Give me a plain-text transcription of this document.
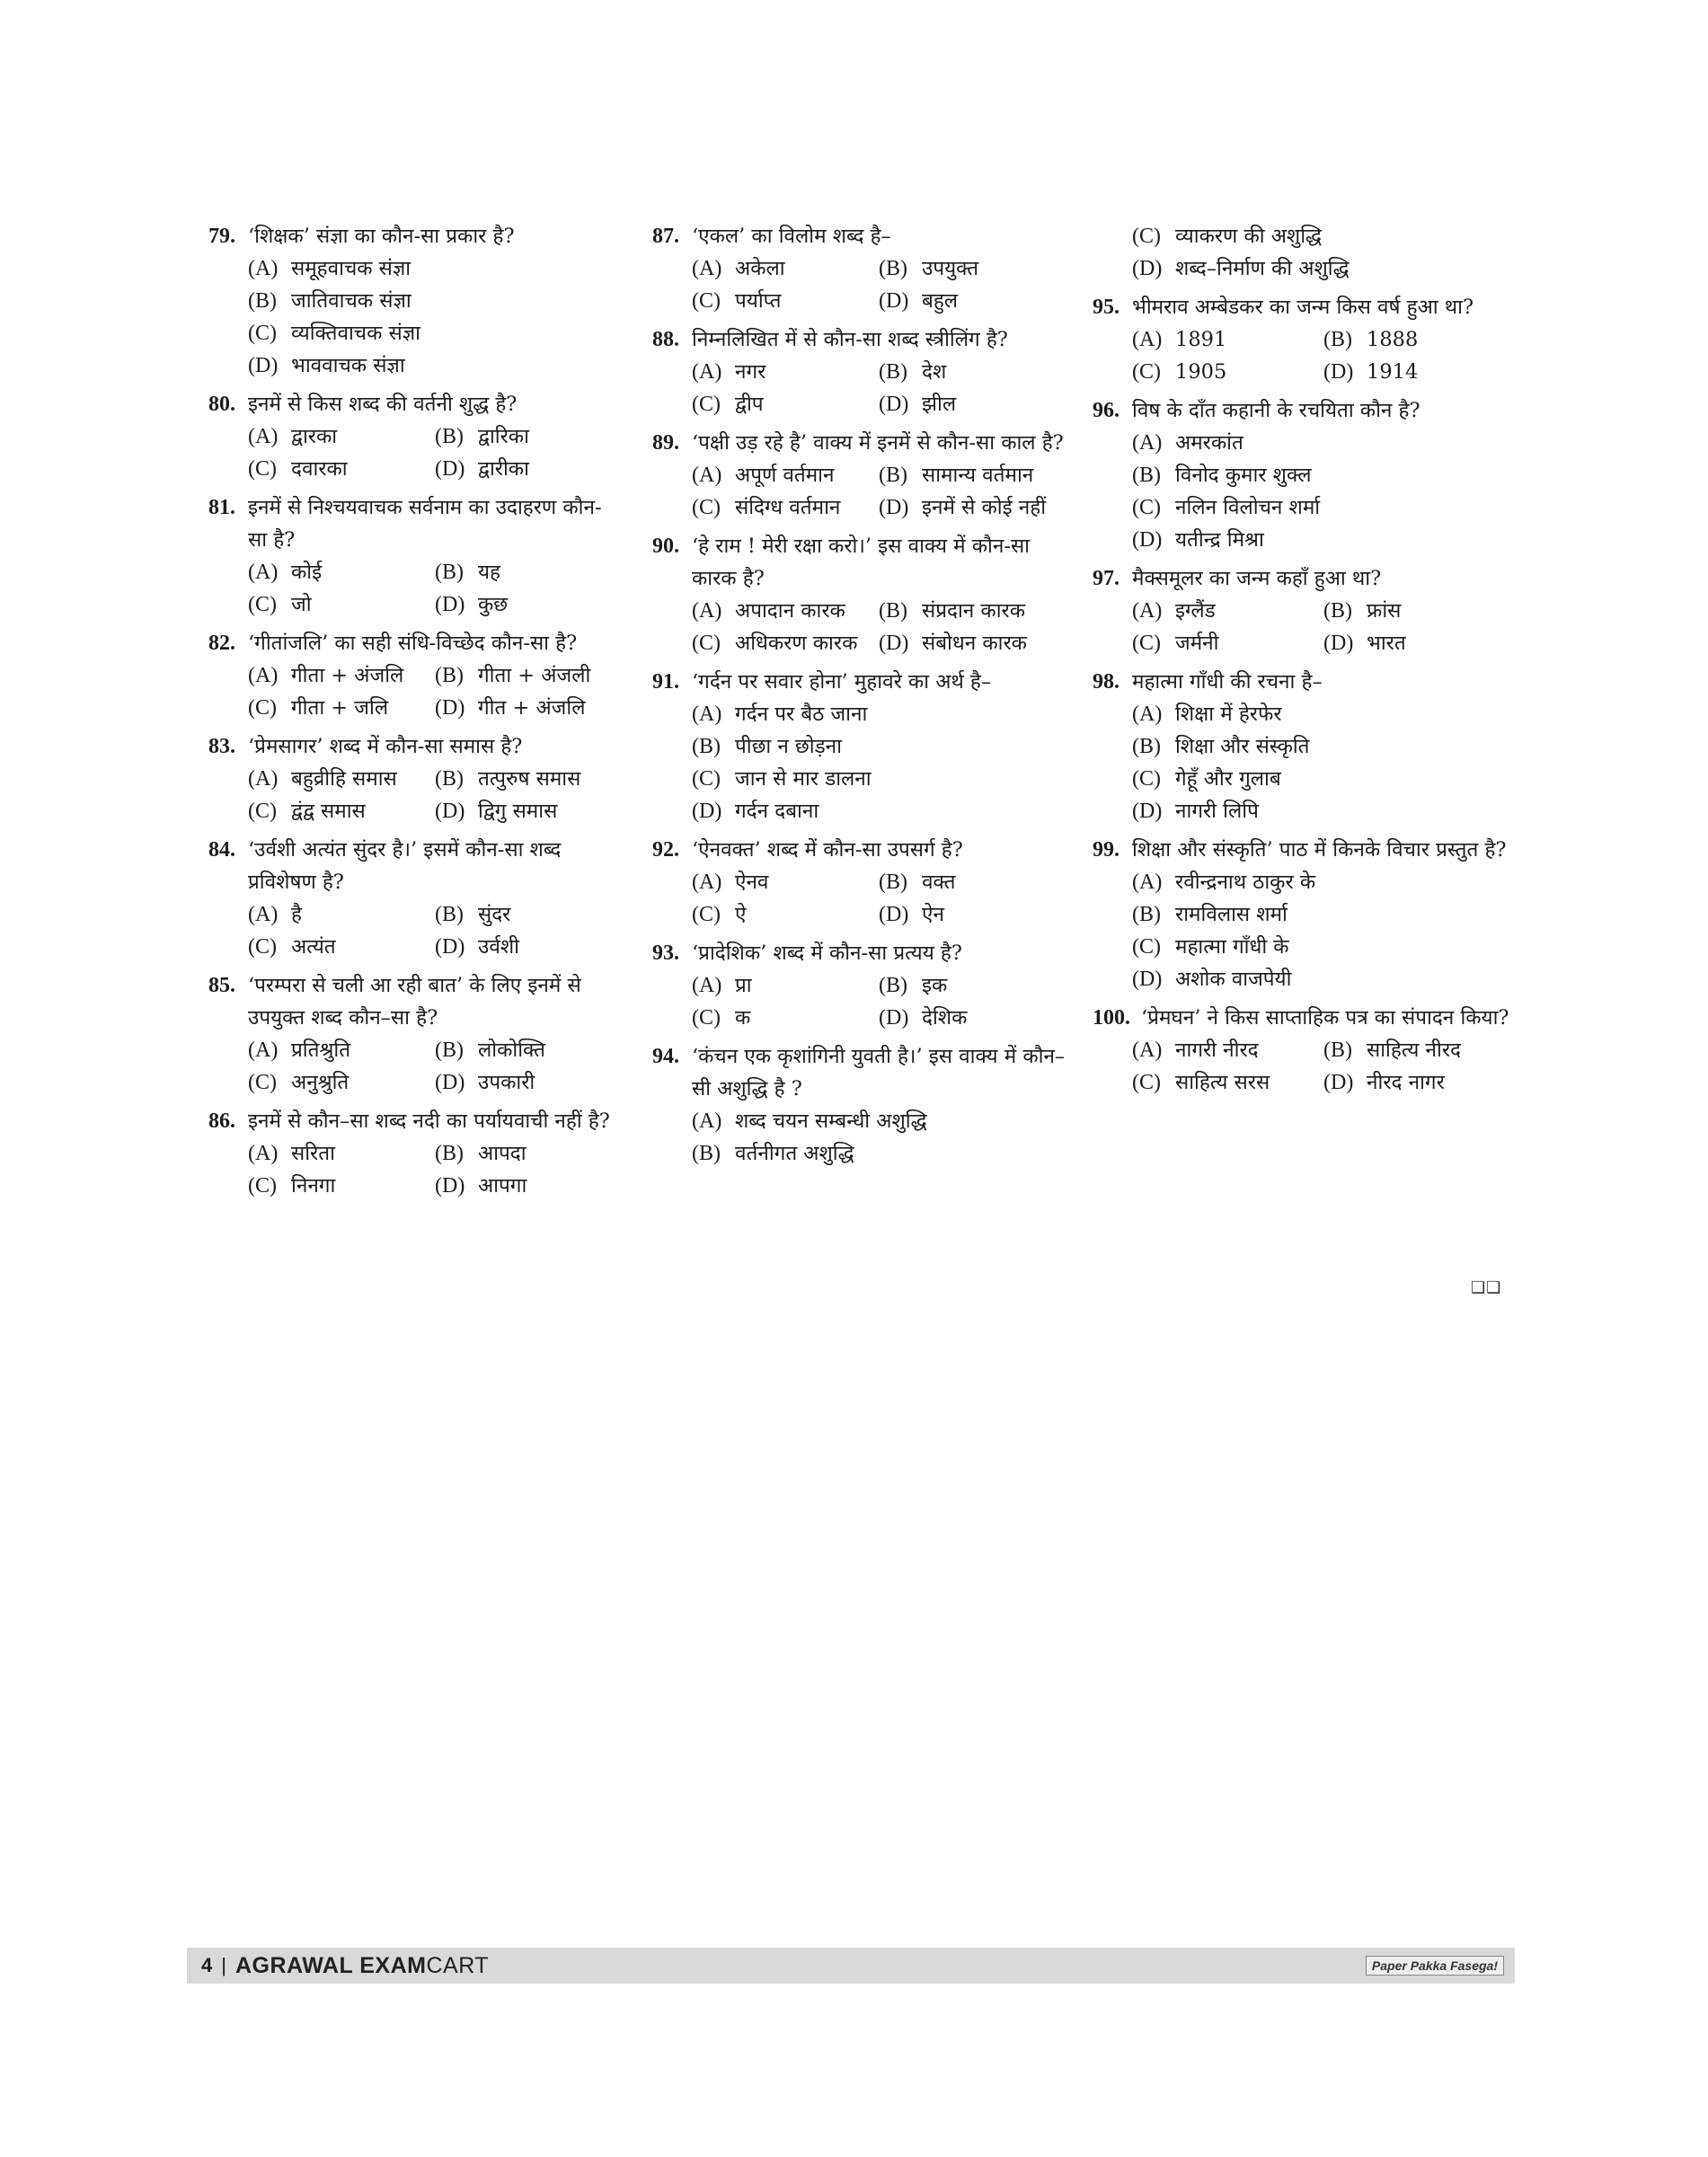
79. ‘शिक्षक’ संज्ञा का कौन-सा प्रकार है?
(A) समूहवाचक संज्ञा
(B) जातिवाचक संज्ञा
(C) व्यक्तिवाचक संज्ञा
(D) भाववाचक संज्ञा
80. इनमें से किस शब्द की वर्तनी शुद्ध है?
(A) द्वारका	(B) द्वारिका
(C) दवारका	(D) द्वारीका
81. इनमें से निश्चयवाचक सर्वनाम का उदाहरण कौन- सा है?
(A) कोई	(B) यह
(C) जो	(D) कुछ
82. ‘गीतांजलि’ का सही संधि-विच्छेद कौन-सा है?
(A) गीता + अंजलि	(B) गीता + अंजली
(C) गीता + जलि	(D) गीत + अंजलि
83. ‘प्रेमसागर’ शब्द में कौन-सा समास है?
(A) बहुव्रीहि समास	(B) तत्पुरुष समास
(C) द्वंद्व समास	(D) द्विगु समास
84. ‘उर्वशी अत्यंत सुंदर है।’ इसमें कौन-सा शब्द प्रविशेषण है?
(A) है	(B) सुंदर
(C) अत्यंत	(D) उर्वशी
85. ‘परम्परा से चली आ रही बात’ के लिए इनमें से उपयुक्त शब्द कौन–सा है?
(A) प्रतिश्रुति	(B) लोकोक्ति
(C) अनुश्रुति	(D) उपकारी
86. इनमें से कौन–सा शब्द नदी का पर्यायवाची नहीं है?
(A) सरिता	(B) आपदा
(C) निनगा	(D) आपगा
87. ‘एकल’ का विलोम शब्द है–
(A) अकेला	(B) उपयुक्त
(C) पर्याप्त	(D) बहुल
88. निम्नलिखित में से कौन-सा शब्द स्त्रीलिंग है?
(A) नगर	(B) देश
(C) द्वीप	(D) झील
89. ‘पक्षी उड़ रहे है’ वाक्य में इनमें से कौन-सा काल है?
(A) अपूर्ण वर्तमान	(B) सामान्य वर्तमान
(C) संदिग्ध वर्तमान	(D) इनमें से कोई नहीं
90. ‘हे राम ! मेरी रक्षा करो।’ इस वाक्य में कौन-सा कारक है?
(A) अपादान कारक	(B) संप्रदान कारक
(C) अधिकरण कारक (D) संबोधन कारक
91. ‘गर्दन पर सवार होना’ मुहावरे का अर्थ है–
(A) गर्दन पर बैठ जाना
(B) पीछा न छोड़ना
(C) जान से मार डालना
(D) गर्दन दबाना
92. ‘ऐनवक्त’ शब्द में कौन-सा उपसर्ग है?
(A) ऐनव	(B) वक्त
(C) ऐ	(D) ऐन
93. ‘प्रादेशिक’ शब्द में कौन-सा प्रत्यय है?
(A) प्रा	(B) इक
(C) क	(D) देशिक
94. ‘कंचन एक कृशांगिनी युवती है।’ इस वाक्य में कौन–सी अशुद्धि है ?
(A) शब्द चयन सम्बन्धी अशुद्धि
(B) वर्तनीगत अशुद्धि
(C) व्याकरण की अशुद्धि
(D) शब्द–निर्माण की अशुद्धि
95. भीमराव अम्बेडकर का जन्म किस वर्ष हुआ था?
(A) 1891	(B) 1888
(C) 1905	(D) 1914
96. विष के दाँत कहानी के रचयिता कौन है?
(A) अमरकांत
(B) विनोद कुमार शुक्ल
(C) नलिन विलोचन शर्मा
(D) यतीन्द्र मिश्रा
97. मैक्समूलर का जन्म कहाँ हुआ था?
(A) इग्लैंड	(B) फ्रांस
(C) जर्मनी	(D) भारत
98. महात्मा गाँधी की रचना है–
(A) शिक्षा में हेरफेर
(B) शिक्षा और संस्कृति
(C) गेहूँ और गुलाब
(D) नागरी लिपि
99. शिक्षा और संस्कृति’ पाठ में किनके विचार प्रस्तुत है?
(A) रवीन्द्रनाथ ठाकुर के
(B) रामविलास शर्मा
(C) महात्मा गाँधी के
(D) अशोक वाजपेयी
100. ‘प्रेमघन’ ने किस साप्ताहिक पत्र का संपादन किया?
(A) नागरी नीरद	(B) साहित्य नीरद
(C) साहित्य सरस	(D) नीरद नागर
❑❑
4 | AGRAWAL EXAMCART	Paper Pakka Fasega!
